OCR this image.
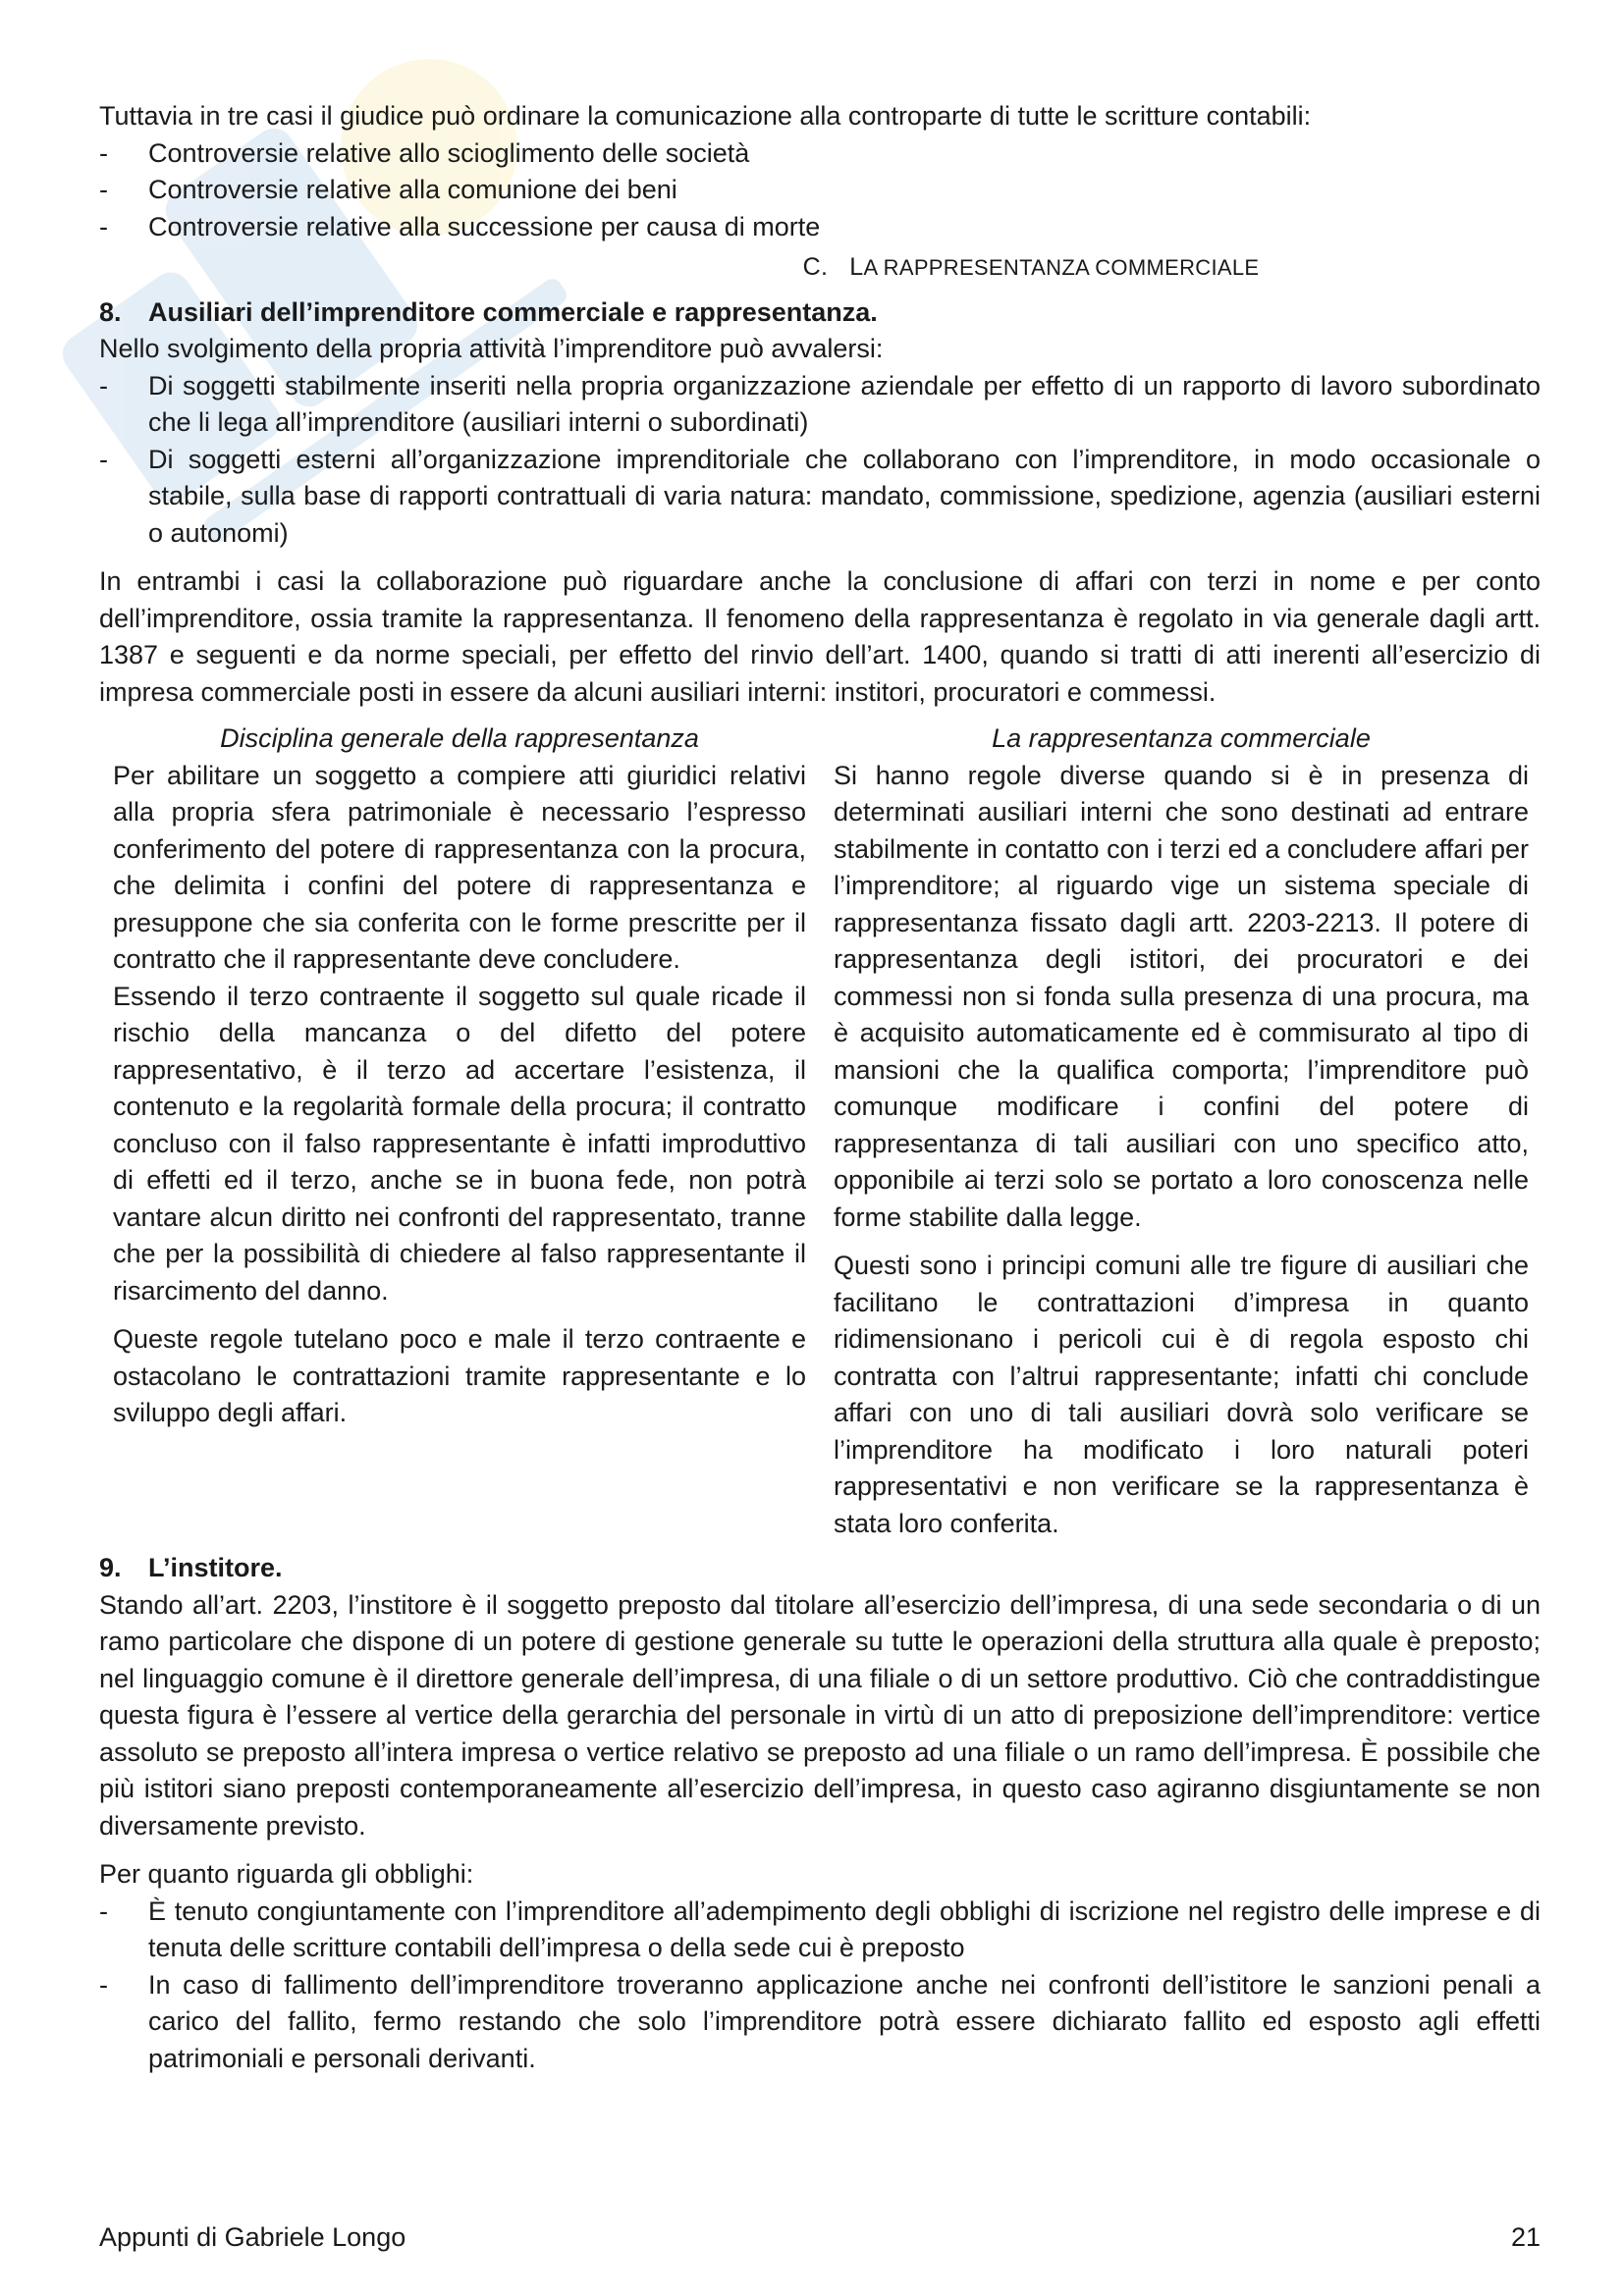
Tuttavia in tre casi il giudice può ordinare la comunicazione alla controparte di tutte le scritture contabili:

- Controversie relative allo scioglimento delle società
- Controversie relative alla comunione dei beni
- Controversie relative alla successione per causa di morte
C. LA RAPPRESENTANZA COMMERCIALE

8. Ausiliari dell’imprenditore commerciale e rappresentanza.

Nello svolgimento della propria attività l’imprenditore può avvalersi:

- Di soggetti stabilmente inseriti nella propria organizzazione aziendale per effetto di un rapporto di lavoro subordinato che li lega all’imprenditore (ausiliari interni o subordinati)
- Di soggetti esterni all’organizzazione imprenditoriale che collaborano con l’imprenditore, in modo occasionale o stabile, sulla base di rapporti contrattuali di varia natura: mandato, commissione, spedizione, agenzia (ausiliari esterni o autonomi)

In entrambi i casi la collaborazione può riguardare anche la conclusione di affari con terzi in nome e per conto dell’imprenditore, ossia tramite la rappresentanza. Il fenomeno della rappresentanza è regolato in via generale dagli artt. 1387 e seguenti e da norme speciali, per effetto del rinvio dell’art. 1400, quando si tratti di atti inerenti all’esercizio di impresa commerciale posti in essere da alcuni ausiliari interni: institori, procuratori e commessi.

Disciplina generale della rappresentanza

Per abilitare un soggetto a compiere atti giuridici relativi alla propria sfera patrimoniale è necessario l’espresso conferimento del potere di rappresentanza con la procura, che delimita i confini del potere di rappresentanza e presuppone che sia conferita con le forme prescritte per il contratto che il rappresentante deve concludere.

Essendo il terzo contraente il soggetto sul quale ricade il rischio della mancanza o del difetto del potere rappresentativo, è il terzo ad accertare l’esistenza, il contenuto e la regolarità formale della procura; il contratto concluso con il falso rappresentante è infatti improduttivo di effetti ed il terzo, anche se in buona fede, non potrà vantare alcun diritto nei confronti del rappresentato, tranne che per la possibilità di chiedere al falso rappresentante il risarcimento del danno.

Queste regole tutelano poco e male il terzo contraente e ostacolano le contrattazioni tramite rappresentante e lo sviluppo degli affari.

La rappresentanza commerciale

Si hanno regole diverse quando si è in presenza di determinati ausiliari interni che sono destinati ad entrare stabilmente in contatto con i terzi ed a concludere affari per l’imprenditore; al riguardo vige un sistema speciale di rappresentanza fissato dagli artt. 2203-2213. Il potere di rappresentanza degli istitori, dei procuratori e dei commessi non si fonda sulla presenza di una procura, ma è acquisito automaticamente ed è commisurato al tipo di mansioni che la qualifica comporta; l’imprenditore può comunque modificare i confini del potere di rappresentanza di tali ausiliari con uno specifico atto, opponibile ai terzi solo se portato a loro conoscenza nelle forme stabilite dalla legge.

Questi sono i principi comuni alle tre figure di ausiliari che facilitano le contrattazioni d’impresa in quanto ridimensionano i pericoli cui è di regola esposto chi contratta con l’altrui rappresentante; infatti chi conclude affari con uno di tali ausiliari dovrà solo verificare se l’imprenditore ha modificato i loro naturali poteri rappresentativi e non verificare se la rappresentanza è stata loro conferita.

9. L’institore.

Stando all’art. 2203, l’institore è il soggetto preposto dal titolare all’esercizio dell’impresa, di una sede secondaria o di un ramo particolare che dispone di un potere di gestione generale su tutte le operazioni della struttura alla quale è preposto; nel linguaggio comune è il direttore generale dell’impresa, di una filiale o di un settore produttivo. Ciò che contraddistingue questa figura è l’essere al vertice della gerarchia del personale in virtù di un atto di preposizione dell’imprenditore: vertice assoluto se preposto all’intera impresa o vertice relativo se preposto ad una filiale o un ramo dell’impresa. È possibile che più istitori siano preposti contemporaneamente all’esercizio dell’impresa, in questo caso agiranno disgiuntamente se non diversamente previsto.

Per quanto riguarda gli obblighi:

- È tenuto congiuntamente con l’imprenditore all’adempimento degli obblighi di iscrizione nel registro delle imprese e di tenuta delle scritture contabili dell’impresa o della sede cui è preposto
- In caso di fallimento dell’imprenditore troveranno applicazione anche nei confronti dell’istitore le sanzioni penali a carico del fallito, fermo restando che solo l’imprenditore potrà essere dichiarato fallito ed esposto agli effetti patrimoniali e personali derivanti.
Appunti di Gabriele Longo	21
